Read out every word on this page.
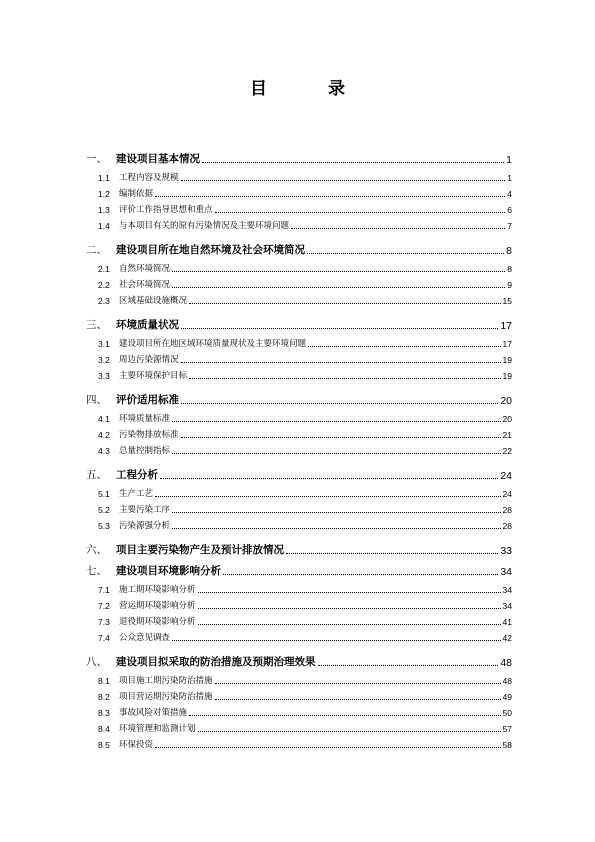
目　录
一、 建设项目基本情况	1
1.1	工程内容及规模	1
1.2	编制依据	4
1.3	评价工作指导思想和重点	6
1.4	与本项目有关的原有污染情况及主要环境问题	7
二、 建设项目所在地自然环境及社会环境简况	8
2.1	自然环境简况	8
2.2	社会环境简况	9
2.3	区域基础设施概况	15
三、 环境质量状况	17
3.1	建设项目所在地区域环境质量现状及主要环境问题	17
3.2	周边污染源情况	19
3.3	主要环境保护目标	19
四、 评价适用标准	20
4.1	环境质量标准	20
4.2	污染物排放标准	21
4.3	总量控制指标	22
五、 工程分析	24
5.1	生产工艺	24
5.2	主要污染工序	28
5.3	污染源强分析	28
六、 项目主要污染物产生及预计排放情况	33
七、 建设项目环境影响分析	34
7.1	施工期环境影响分析	34
7.2	营运期环境影响分析	34
7.3	退役期环境影响分析	41
7.4	公众意见调查	42
八、 建设项目拟采取的防治措施及预期治理效果	48
8.1	项目施工期污染防治措施	48
8.2	项目营运期污染防治措施	49
8.3	事故风险对策措施	50
8.4	环境管理和监测计划	57
8.5	环保投资	58
